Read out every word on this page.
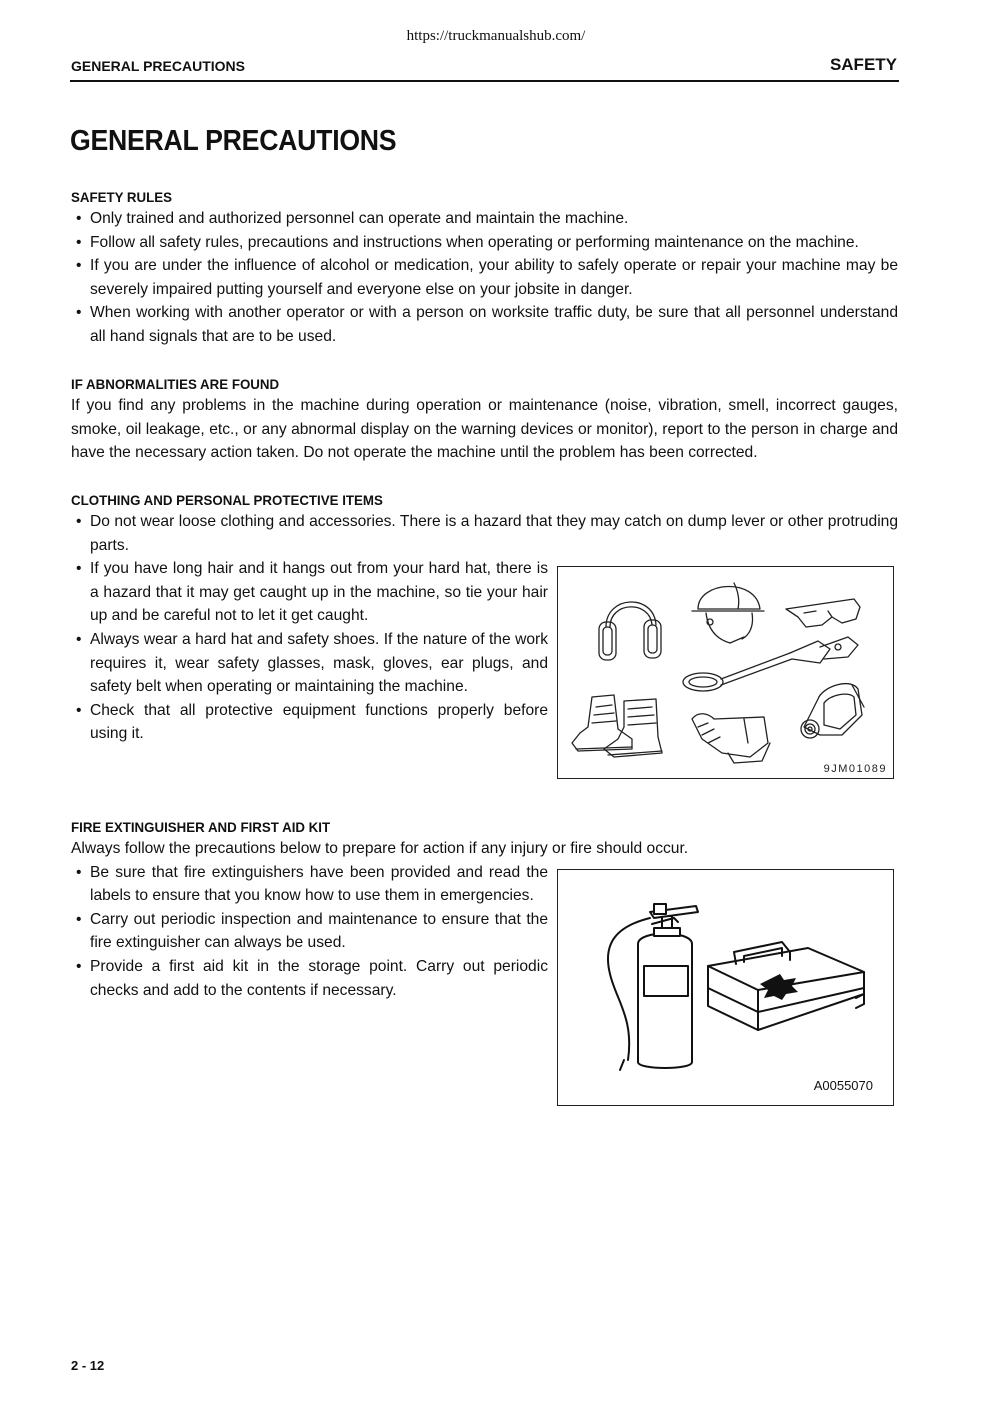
https://truckmanualshub.com/
GENERAL PRECAUTIONS	SAFETY
GENERAL PRECAUTIONS
SAFETY RULES
• Only trained and authorized personnel can operate and maintain the machine.
• Follow all safety rules, precautions and instructions when operating or performing maintenance on the machine.
• If you are under the influence of alcohol or medication, your ability to safely operate or repair your machine may be severely impaired putting yourself and everyone else on your jobsite in danger.
• When working with another operator or with a person on worksite traffic duty, be sure that all personnel understand all hand signals that are to be used.
IF ABNORMALITIES ARE FOUND

If you find any problems in the machine during operation or maintenance (noise, vibration, smell, incorrect gauges, smoke, oil leakage, etc., or any abnormal display on the warning devices or monitor), report to the person in charge and have the necessary action taken. Do not operate the machine until the problem has been corrected.

CLOTHING AND PERSONAL PROTECTIVE ITEMS
• Do not wear loose clothing and accessories. There is a hazard that they may catch on dump lever or other protruding parts.
• If you have long hair and it hangs out from your hard hat, there is a hazard that it may get caught up in the machine, so tie your hair up and be careful not to let it get caught.
• Always wear a hard hat and safety shoes. If the nature of the work requires it, wear safety glasses, mask, gloves, ear plugs, and safety belt when operating or maintaining the machine.
• Check that all protective equipment functions properly before using it.
9JM01089
FIRE EXTINGUISHER AND FIRST AID KIT

Always follow the precautions below to prepare for action if any injury or fire should occur.

• Be sure that fire extinguishers have been provided and read the labels to ensure that you know how to use them in emergencies.
• Carry out periodic inspection and maintenance to ensure that the fire extinguisher can always be used.
• Provide a first aid kit in the storage point. Carry out periodic checks and add to the contents if necessary.
A0055070
2 - 12
